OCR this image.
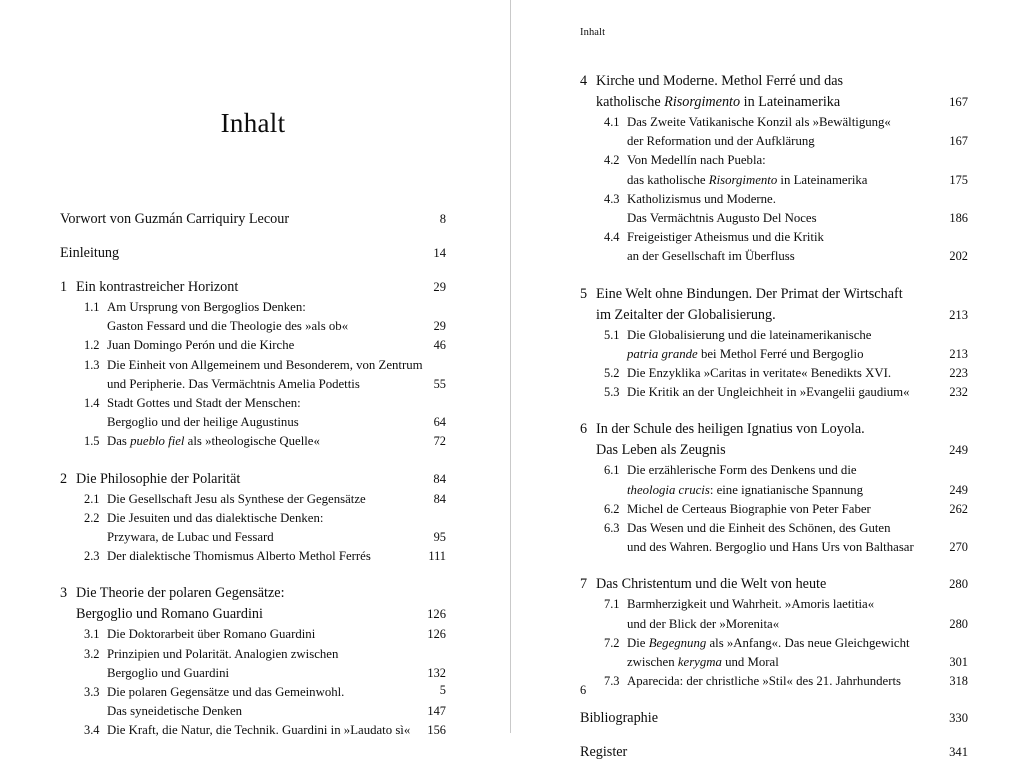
Inhalt
Vorwort von Guzmán Carriquiry Lecour	8
Einleitung	14
1 Ein kontrastreicher Horizont	29
1.1 Am Ursprung von Bergoglios Denken:
Gaston Fessard und die Theologie des »als ob«	29
1.2 Juan Domingo Perón und die Kirche	46
1.3 Die Einheit von Allgemeinem und Besonderem, von Zentrum
und Peripherie. Das Vermächtnis Amelia Podettis	55
1.4 Stadt Gottes und Stadt der Menschen:
Bergoglio und der heilige Augustinus	64
1.5 Das pueblo fiel als »theologische Quelle«	72
2 Die Philosophie der Polarität	84
2.1 Die Gesellschaft Jesu als Synthese der Gegensätze	84
2.2 Die Jesuiten und das dialektische Denken:
Przywara, de Lubac und Fessard	95
2.3 Der dialektische Thomismus Alberto Methol Ferrés	111
3 Die Theorie der polaren Gegensätze:
Bergoglio und Romano Guardini	126
3.1 Die Doktorarbeit über Romano Guardini	126
3.2 Prinzipien und Polarität. Analogien zwischen
Bergoglio und Guardini	132
3.3 Die polaren Gegensätze und das Gemeinwohl.
Das syneidetische Denken	147
3.4 Die Kraft, die Natur, die Technik. Guardini in »Laudato sì«	156
5
Inhalt
4 Kirche und Moderne. Methol Ferré und das
katholische Risorgimento in Lateinamerika	167
4.1 Das Zweite Vatikanische Konzil als »Bewältigung«
der Reformation und der Aufklärung	167
4.2 Von Medellín nach Puebla:
das katholische Risorgimento in Lateinamerika	175
4.3 Katholizismus und Moderne.
Das Vermächtnis Augusto Del Noces	186
4.4 Freigeistiger Atheismus und die Kritik
an der Gesellschaft im Überfluss	202
5 Eine Welt ohne Bindungen. Der Primat der Wirtschaft
im Zeitalter der Globalisierung.	213
5.1 Die Globalisierung und die lateinamerikanische
patria grande bei Methol Ferré und Bergoglio	213
5.2 Die Enzyklika »Caritas in veritate« Benedikts XVI.	223
5.3 Die Kritik an der Ungleichheit in »Evangelii gaudium«	232
6 In der Schule des heiligen Ignatius von Loyola.
Das Leben als Zeugnis	249
6.1 Die erzählerische Form des Denkens und die
theologia crucis: eine ignatianische Spannung	249
6.2 Michel de Certeaus Biographie von Peter Faber	262
6.3 Das Wesen und die Einheit des Schönen, des Guten
und des Wahren. Bergoglio und Hans Urs von Balthasar	270
7 Das Christentum und die Welt von heute	280
7.1 Barmherzigkeit und Wahrheit. »Amoris laetitia«
und der Blick der »Morenita«	280
7.2 Die Begegnung als »Anfang«. Das neue Gleichgewicht
zwischen kerygma und Moral	301
7.3 Aparecida: der christliche »Stil« des 21. Jahrhunderts	318
Bibliographie	330
Register	341
6
